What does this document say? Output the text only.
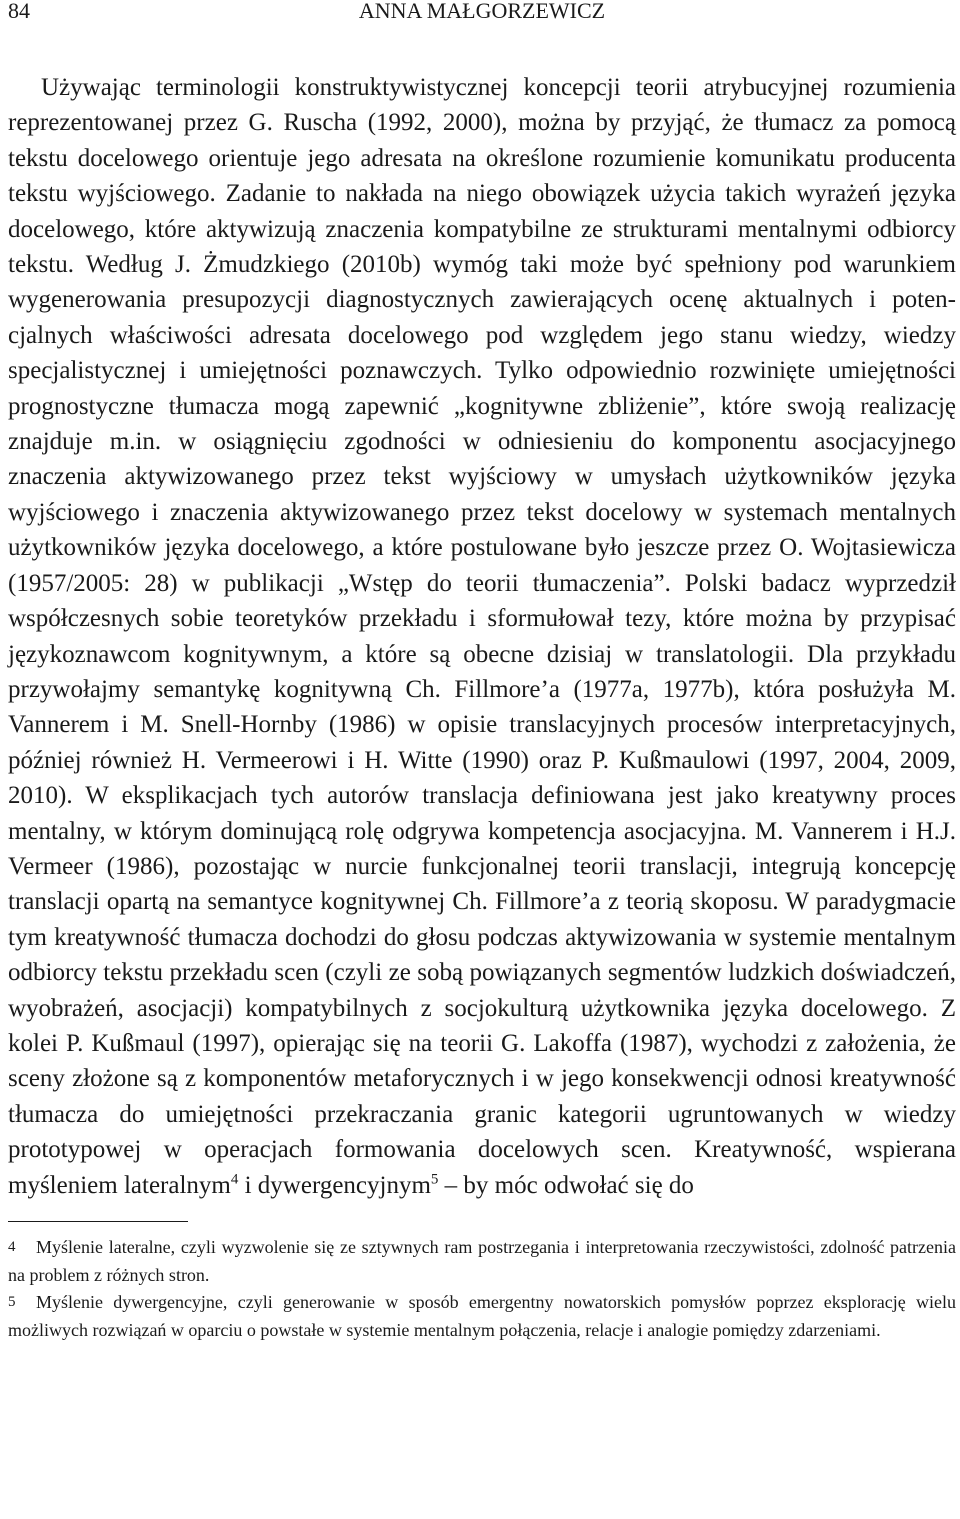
84	ANNA MAŁGORZEWICZ

Używając terminologii konstruktywistycznej koncepcji teorii atrybucyjnej rozumienia reprezentowanej przez G. Ruscha (1992, 2000), można by przyjąć, że tłumacz za pomocą tekstu docelowego orientuje jego adresata na określone rozumienie komunikatu producenta tekstu wyjściowego. Zadanie to nakłada na niego obowiązek użycia takich wyrażeń języka docelowego, które aktywizują znaczenia kompatybilne ze strukturami mentalnymi odbiorcy tekstu. Według J. Żmudzkiego (2010b) wymóg taki może być spełniony pod warunkiem wygenerowania presupozycji diagnostycznych zawierających ocenę aktualnych i potencjalnych właściwości adresata docelowego pod względem jego stanu wiedzy, wiedzy specjalistycznej i umiejętności poznawczych. Tylko odpowiednio rozwinięte umiejętności prognostyczne tłumacza mogą zapewnić „kognitywne zbliżenie”, które swoją realizację znajduje m.in. w osiągnięciu zgodności w odniesieniu do komponentu asocjacyjnego znaczenia aktywizowanego przez tekst wyjściowy w umysłach użytkowników języka wyjściowego i znaczenia aktywizowanego przez tekst docelowy w systemach mentalnych użytkowników języka docelowego, a które postulowane było jeszcze przez O. Wojtasiewicza (1957/2005: 28) w publikacji „Wstęp do teorii tłumaczenia”. Polski badacz wyprzedził współczesnych sobie teoretyków przekładu i sformułował tezy, które można by przypisać językoznawcom kognitywnym, a które są obecne dzisiaj w translatologii. Dla przykładu przywołajmy semantykę kognitywną Ch. Fillmore’a (1977a, 1977b), która posłużyła M. Vannerem i M. Snell-Hornby (1986) w opisie translacyjnych procesów interpretacyjnych, później również H. Vermeerowi i H. Witte (1990) oraz P. Kußmaulowi (1997, 2004, 2009, 2010). W eksplikacjach tych autorów translacja definiowana jest jako kreatywny proces mentalny, w którym dominującą rolę odgrywa kompetencja asocjacyjna. M. Vannerem i H.J. Vermeer (1986), pozostając w nurcie funkcjonalnej teorii translacji, integrują koncepcję translacji opartą na semantyce kognitywnej Ch. Fillmore’a z teorią skoposu. W paradygmacie tym kreatywność tłumacza dochodzi do głosu podczas aktywizowania w systemie mentalnym odbiorcy tekstu przekładu scen (czyli ze sobą powiązanych segmentów ludzkich doświadczeń, wyobrażeń, asocjacji) kompatybilnych z socjokulturą użytkownika języka docelowego. Z kolei P. Kußmaul (1997), opierając się na teorii G. Lakoffa (1987), wychodzi z założenia, że sceny złożone są z komponentów metaforycznych i w jego konsekwencji odnosi kreatywność tłumacza do umiejętności przekraczania granic kategorii ugruntowanych w wiedzy prototypowej w operacjach formowania docelowych scen. Kreatywność, wspierana myśleniem lateralnym$^4$ i dywergencyjnym$^5$ – by móc odwołać się do

4 Myślenie lateralne, czyli wyzwolenie się ze sztywnych ram postrzegania i interpretowania rzeczywistości, zdolność patrzenia na problem z różnych stron.

5 Myślenie dywergencyjne, czyli generowanie w sposób emergentny nowatorskich pomysłów poprzez eksplorację wielu możliwych rozwiązań w oparciu o powstałe w systemie mentalnym połączenia, relacje i analogie pomiędzy zdarzeniami.
